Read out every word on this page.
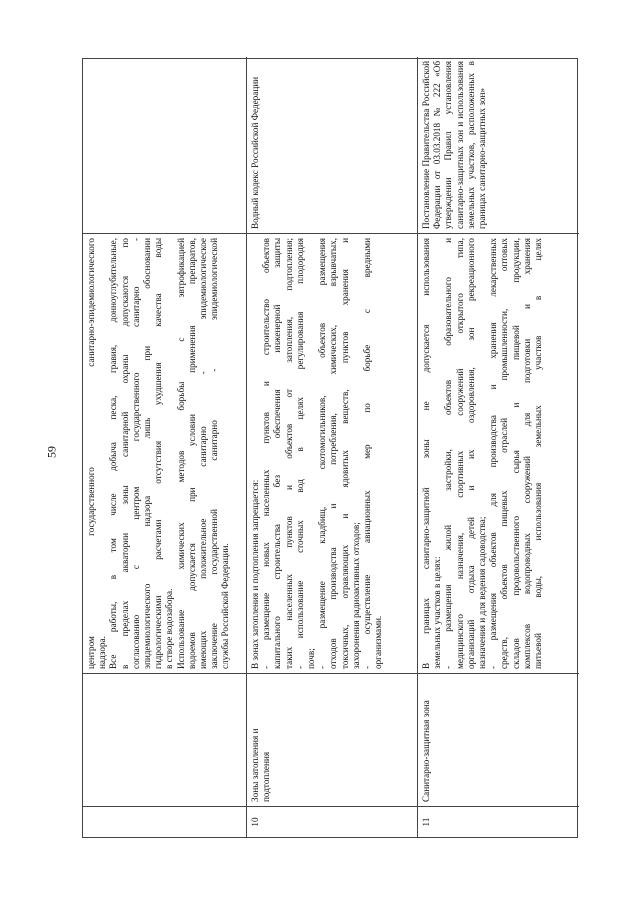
59	центром государственного санитарно-эпидемиологического надзора. Все работы, в том числе добыча песка, гравия, донноуглубительные, в пределах акватории зоны санитарной охраны допускаются по согласованию с центром государственного санитарно - эпидемиологического надзора лишь при обосновании гидрологическими расчетами отсутствия ухудшения качества воды в створе водозабора. Использование химических методов борьбы с эвтрофикацией водоемов допускается при условии применения препаратов, имеющих положительное санитарно - эпидемиологическое заключение государственной санитарно - эпидемиологической службы Российской Федерации.
10
Зоны затопления и подтопления
В зонах затопления и подтопления запрещается: - размещение новых населенных пунктов и строительство объектов капитального строительства без обеспечения инженерной защиты таких населенных пунктов и объектов от затопления, подтопления; - использование сточных вод в целях регулирования плодородия почв; - размещение кладбищ, скотомогильников, объектов размещения отходов производства и потребления, химических, взрывчатых, токсичных, отравляющих и ядовитых веществ, пунктов хранения и захоронения радиоактивных отходов; - осуществление авиационных мер по борьбе с вредными организмами.
Водный кодекс Российской Федерации
11
Санитарно-защитная зона
В границах санитарно-защитной зоны не допускается использования земельных участков в целях: - размещения жилой застройки, объектов образовательного и медицинского назначения, спортивных сооружений открытого типа, организаций отдыха детей и их оздоровления, зон рекреационного назначения и для ведения садоводства; - размещения объектов для производства и хранения лекарственных средств, объектов пищевых отраслей промышленности, оптовых складов продовольственного сырья и пищевой продукции, комплексов водопроводных сооружений для подготовки и хранения питьевой воды, использования земельных участков в целях
Постановление Правительства Российской Федерации от 03.03.2018 № 222 «Об утверждении Правил установления санитарно-защитных зон и использования земельных участков, расположенных в границах санитарно-защитных зон»
